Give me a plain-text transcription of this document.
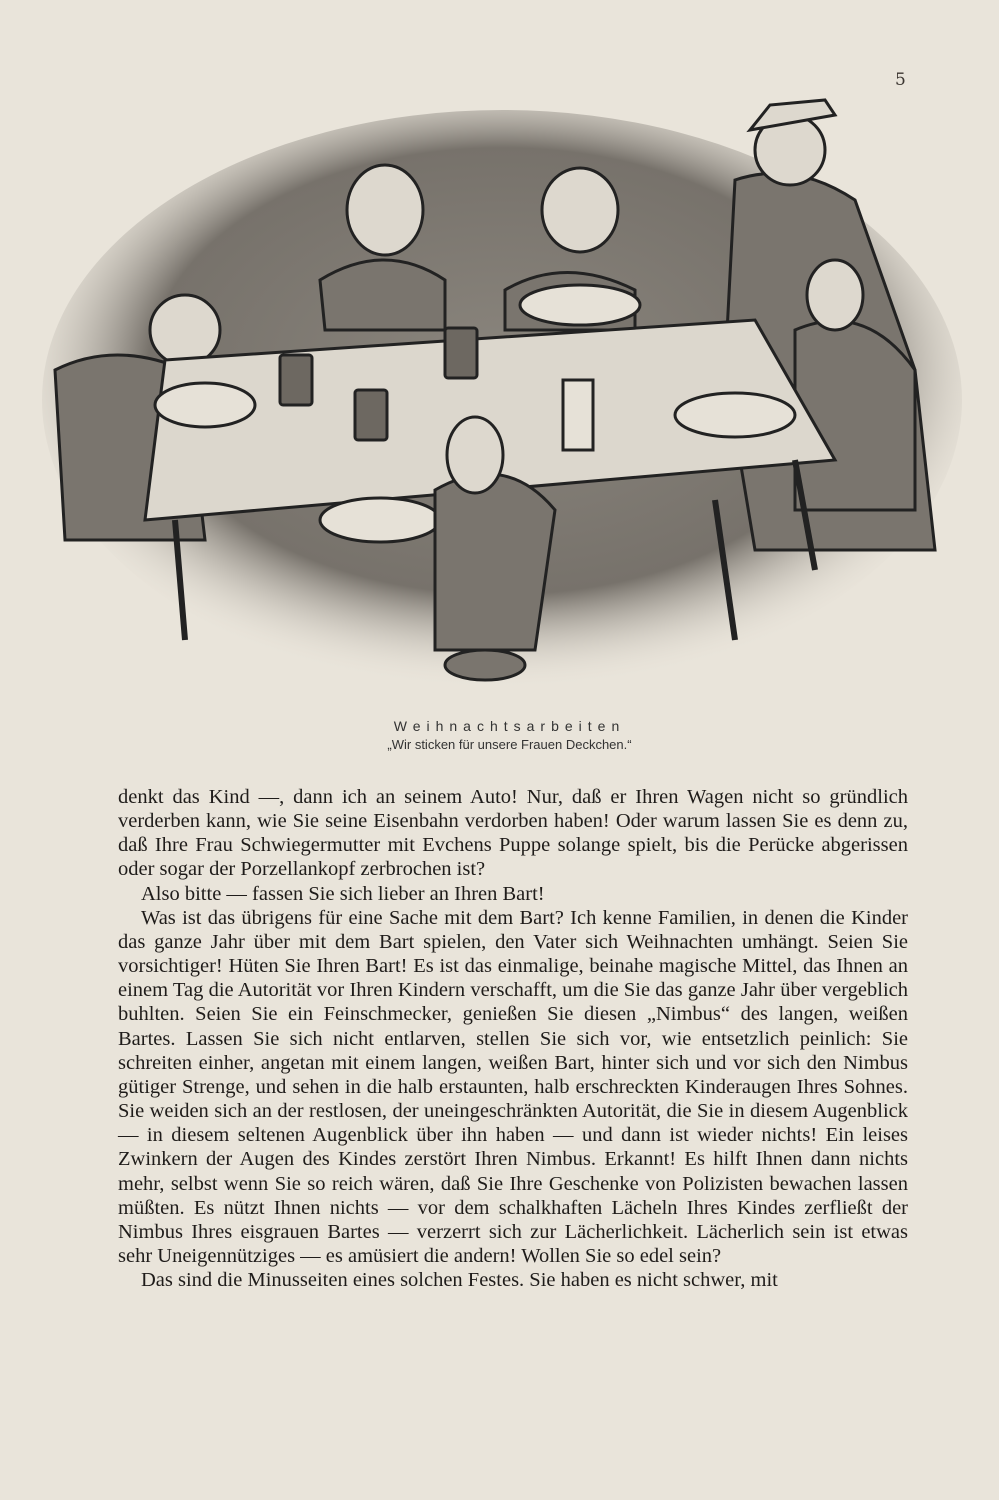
5
Weihnachtsarbeiten
„Wir sticken für unsere Frauen Deckchen.“

denkt das Kind —, dann ich an seinem Auto! Nur, daß er Ihren Wagen nicht so gründlich verderben kann, wie Sie seine Eisenbahn verdorben haben! Oder warum lassen Sie es denn zu, daß Ihre Frau Schwiegermutter mit Evchens Puppe solange spielt, bis die Perücke abgerissen oder sogar der Porzellankopf zerbrochen ist?

Also bitte — fassen Sie sich lieber an Ihren Bart!

Was ist das übrigens für eine Sache mit dem Bart? Ich kenne Familien, in denen die Kinder das ganze Jahr über mit dem Bart spielen, den Vater sich Weihnachten umhängt. Seien Sie vorsichtiger! Hüten Sie Ihren Bart! Es ist das einmalige, beinahe magische Mittel, das Ihnen an einem Tag die Autorität vor Ihren Kindern verschafft, um die Sie das ganze Jahr über vergeblich buhlten. Seien Sie ein Feinschmecker, genießen Sie diesen „Nimbus“ des langen, weißen Bartes. Lassen Sie sich nicht entlarven, stellen Sie sich vor, wie entsetzlich peinlich: Sie schreiten einher, angetan mit einem langen, weißen Bart, hinter sich und vor sich den Nimbus gütiger Strenge, und sehen in die halb erstaunten, halb erschreckten Kinderaugen Ihres Sohnes. Sie weiden sich an der restlosen, der uneingeschränkten Autorität, die Sie in diesem Augenblick — in diesem seltenen Augenblick über ihn haben — und dann ist wieder nichts! Ein leises Zwinkern der Augen des Kindes zerstört Ihren Nimbus. Erkannt! Es hilft Ihnen dann nichts mehr, selbst wenn Sie so reich wären, daß Sie Ihre Geschenke von Polizisten bewachen lassen müßten. Es nützt Ihnen nichts — vor dem schalkhaften Lächeln Ihres Kindes zerfließt der Nimbus Ihres eisgrauen Bartes — verzerrt sich zur Lächerlichkeit. Lächerlich sein ist etwas sehr Uneigennütziges — es amüsiert die andern! Wollen Sie so edel sein?

Das sind die Minusseiten eines solchen Festes. Sie haben es nicht schwer, mit
